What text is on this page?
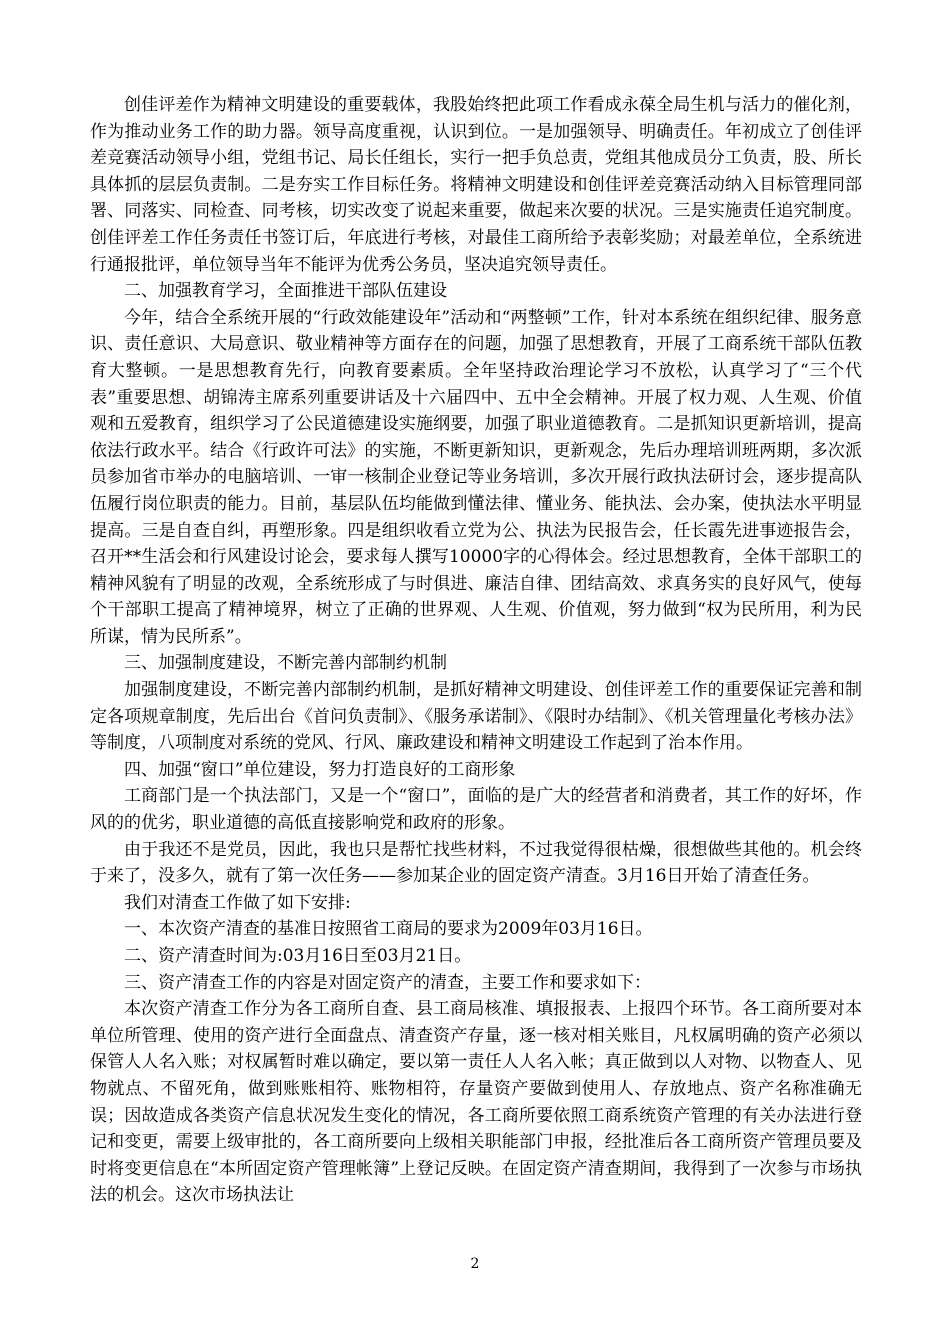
创佳评差作为精神文明建设的重要载体，我股始终把此项工作看成永葆全局生机与活力的催化剂，作为推动业务工作的助力器。领导高度重视，认识到位。一是加强领导、明确责任。年初成立了创佳评差竞赛活动领导小组，党组书记、局长任组长，实行一把手负总责，党组其他成员分工负责，股、所长具体抓的层层负责制。二是夯实工作目标任务。将精神文明建设和创佳评差竞赛活动纳入目标管理同部署、同落实、同检查、同考核，切实改变了说起来重要，做起来次要的状况。三是实施责任追究制度。创佳评差工作任务责任书签订后，年底进行考核，对最佳工商所给予表彰奖励；对最差单位，全系统进行通报批评，单位领导当年不能评为优秀公务员，坚决追究领导责任。

二、加强教育学习，全面推进干部队伍建设

今年，结合全系统开展的“行政效能建设年”活动和“两整顿”工作，针对本系统在组织纪律、服务意识、责任意识、大局意识、敬业精神等方面存在的问题，加强了思想教育，开展了工商系统干部队伍教育大整顿。一是思想教育先行，向教育要素质。全年坚持政治理论学习不放松，认真学习了“三个代表”重要思想、胡锦涛主席系列重要讲话及十六届四中、五中全会精神。开展了权力观、人生观、价值观和五爱教育，组织学习了公民道德建设实施纲要，加强了职业道德教育。二是抓知识更新培训，提高依法行政水平。结合《行政许可法》的实施，不断更新知识，更新观念，先后办理培训班两期，多次派员参加省市举办的电脑培训、一审一核制企业登记等业务培训，多次开展行政执法研讨会，逐步提高队伍履行岗位职责的能力。目前，基层队伍均能做到懂法律、懂业务、能执法、会办案，使执法水平明显提高。三是自查自纠，再塑形象。四是组织收看立党为公、执法为民报告会，任长霞先进事迹报告会，召开**生活会和行风建设讨论会，要求每人撰写10000字的心得体会。经过思想教育，全体干部职工的精神风貌有了明显的改观，全系统形成了与时俱进、廉洁自律、团结高效、求真务实的良好风气，使每个干部职工提高了精神境界，树立了正确的世界观、人生观、价值观，努力做到“权为民所用，利为民所谋，情为民所系”。

三、加强制度建设，不断完善内部制约机制

加强制度建设，不断完善内部制约机制，是抓好精神文明建设、创佳评差工作的重要保证完善和制定各项规章制度，先后出台《首问负责制》、《服务承诺制》、《限时办结制》、《机关管理量化考核办法》等制度，八项制度对系统的党风、行风、廉政建设和精神文明建设工作起到了治本作用。

四、加强“窗口”单位建设，努力打造良好的工商形象

工商部门是一个执法部门，又是一个“窗口”，面临的是广大的经营者和消费者，其工作的好坏，作风的的优劣，职业道德的高低直接影响党和政府的形象。

由于我还不是党员，因此，我也只是帮忙找些材料，不过我觉得很枯燥，很想做些其他的。机会终于来了，没多久，就有了第一次任务——参加某企业的固定资产清查。3月16日开始了清查任务。

我们对清查工作做了如下安排:

一、本次资产清查的基准日按照省工商局的要求为2009年03月16日。

二、资产清查时间为:03月16日至03月21日。

三、资产清查工作的内容是对固定资产的清查，主要工作和要求如下：

本次资产清查工作分为各工商所自查、县工商局核准、填报报表、上报四个环节。各工商所要对本单位所管理、使用的资产进行全面盘点、清查资产存量，逐一核对相关账目，凡权属明确的资产必须以保管人人名入账；对权属暂时难以确定，要以第一责任人人名入帐；真正做到以人对物、以物查人、见物就点、不留死角，做到账账相符、账物相符，存量资产要做到使用人、存放地点、资产名称准确无误；因故造成各类资产信息状况发生变化的情况，各工商所要依照工商系统资产管理的有关办法进行登记和变更，需要上级审批的，各工商所要向上级相关职能部门申报，经批准后各工商所资产管理员要及时将变更信息在“本所固定资产管理帐簿”上登记反映。在固定资产清查期间，我得到了一次参与市场执法的机会。这次市场执法让

2
